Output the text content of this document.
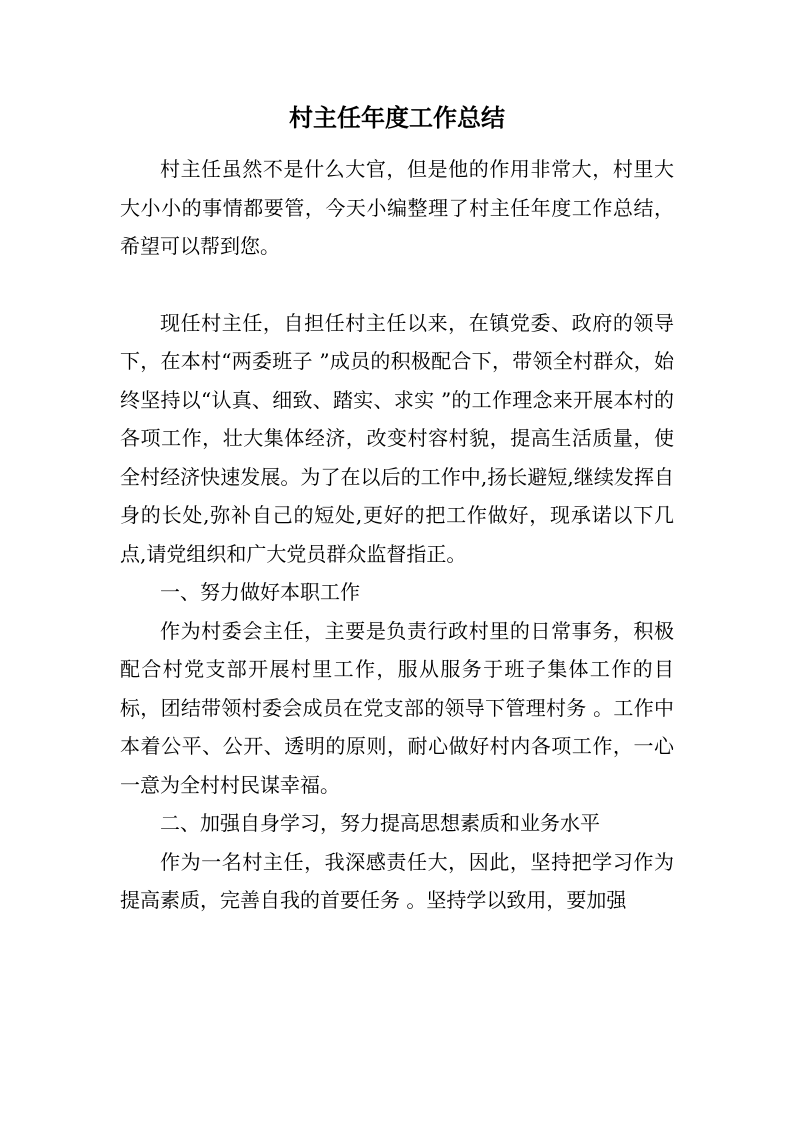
村主任年度工作总结

村主任虽然不是什么大官，但是他的作用非常大，村里大大小小的事情都要管，今天小编整理了村主任年度工作总结，希望可以帮到您。

现任村主任，自担任村主任以来，在镇党委、政府的领导下，在本村“两委班子 ”成员的积极配合下，带领全村群众，始终坚持以“认真、细致、踏实、求实 ”的工作理念来开展本村的各项工作，壮大集体经济，改变村容村貌，提高生活质量，使全村经济快速发展。为了在以后的工作中,扬长避短,继续发挥自身的长处,弥补自己的短处,更好的把工作做好，现承诺以下几点,请党组织和广大党员群众监督指正。

一、努力做好本职工作

作为村委会主任，主要是负责行政村里的日常事务，积极配合村党支部开展村里工作，服从服务于班子集体工作的目标，团结带领村委会成员在党支部的领导下管理村务 。工作中本着公平、公开、透明的原则，耐心做好村内各项工作，一心一意为全村村民谋幸福。

二、加强自身学习，努力提高思想素质和业务水平

作为一名村主任，我深感责任大，因此，坚持把学习作为提高素质，完善自我的首要任务 。坚持学以致用，要加强
